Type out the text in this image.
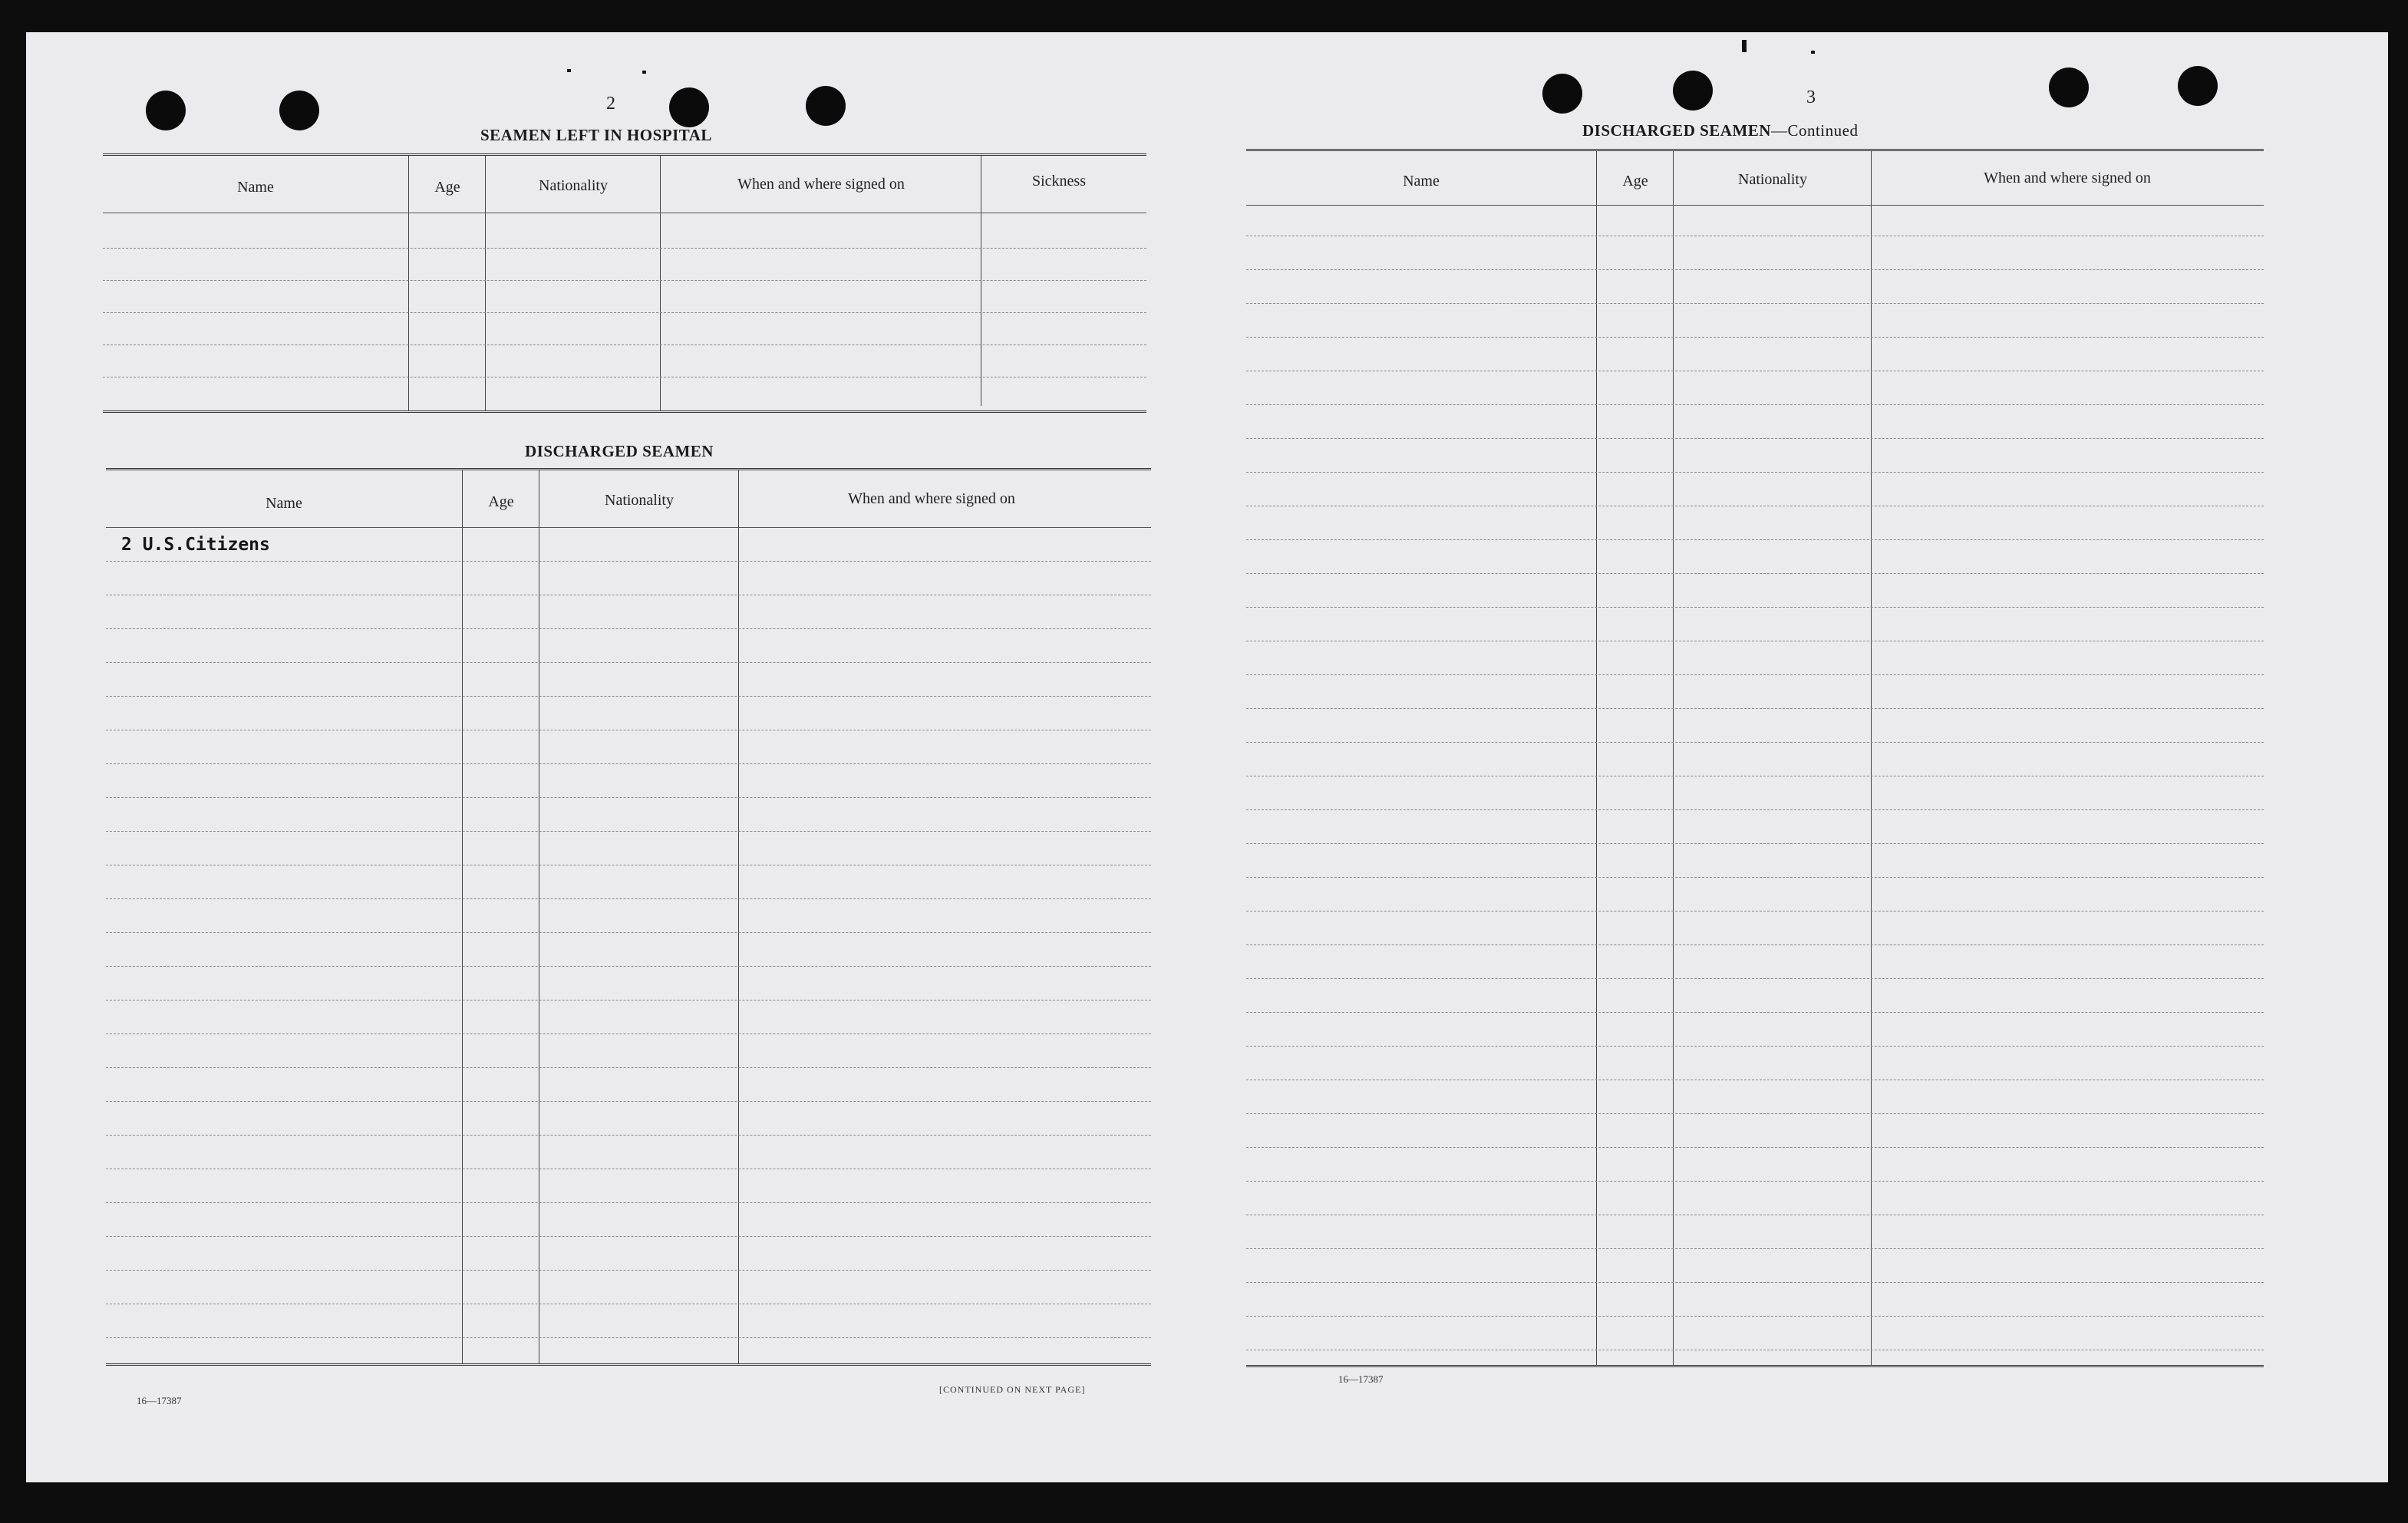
2
SEAMEN LEFT IN HOSPITAL
Name	Age	Nationality	When and where signed on	Sickness
DISCHARGED SEAMEN
Name	Age	Nationality	When and where signed on
2 U.S.Citizens
16—17387
[CONTINUED ON NEXT PAGE]
3
DISCHARGED SEAMEN—Continued
Name	Age	Nationality	When and where signed on
16—17387
